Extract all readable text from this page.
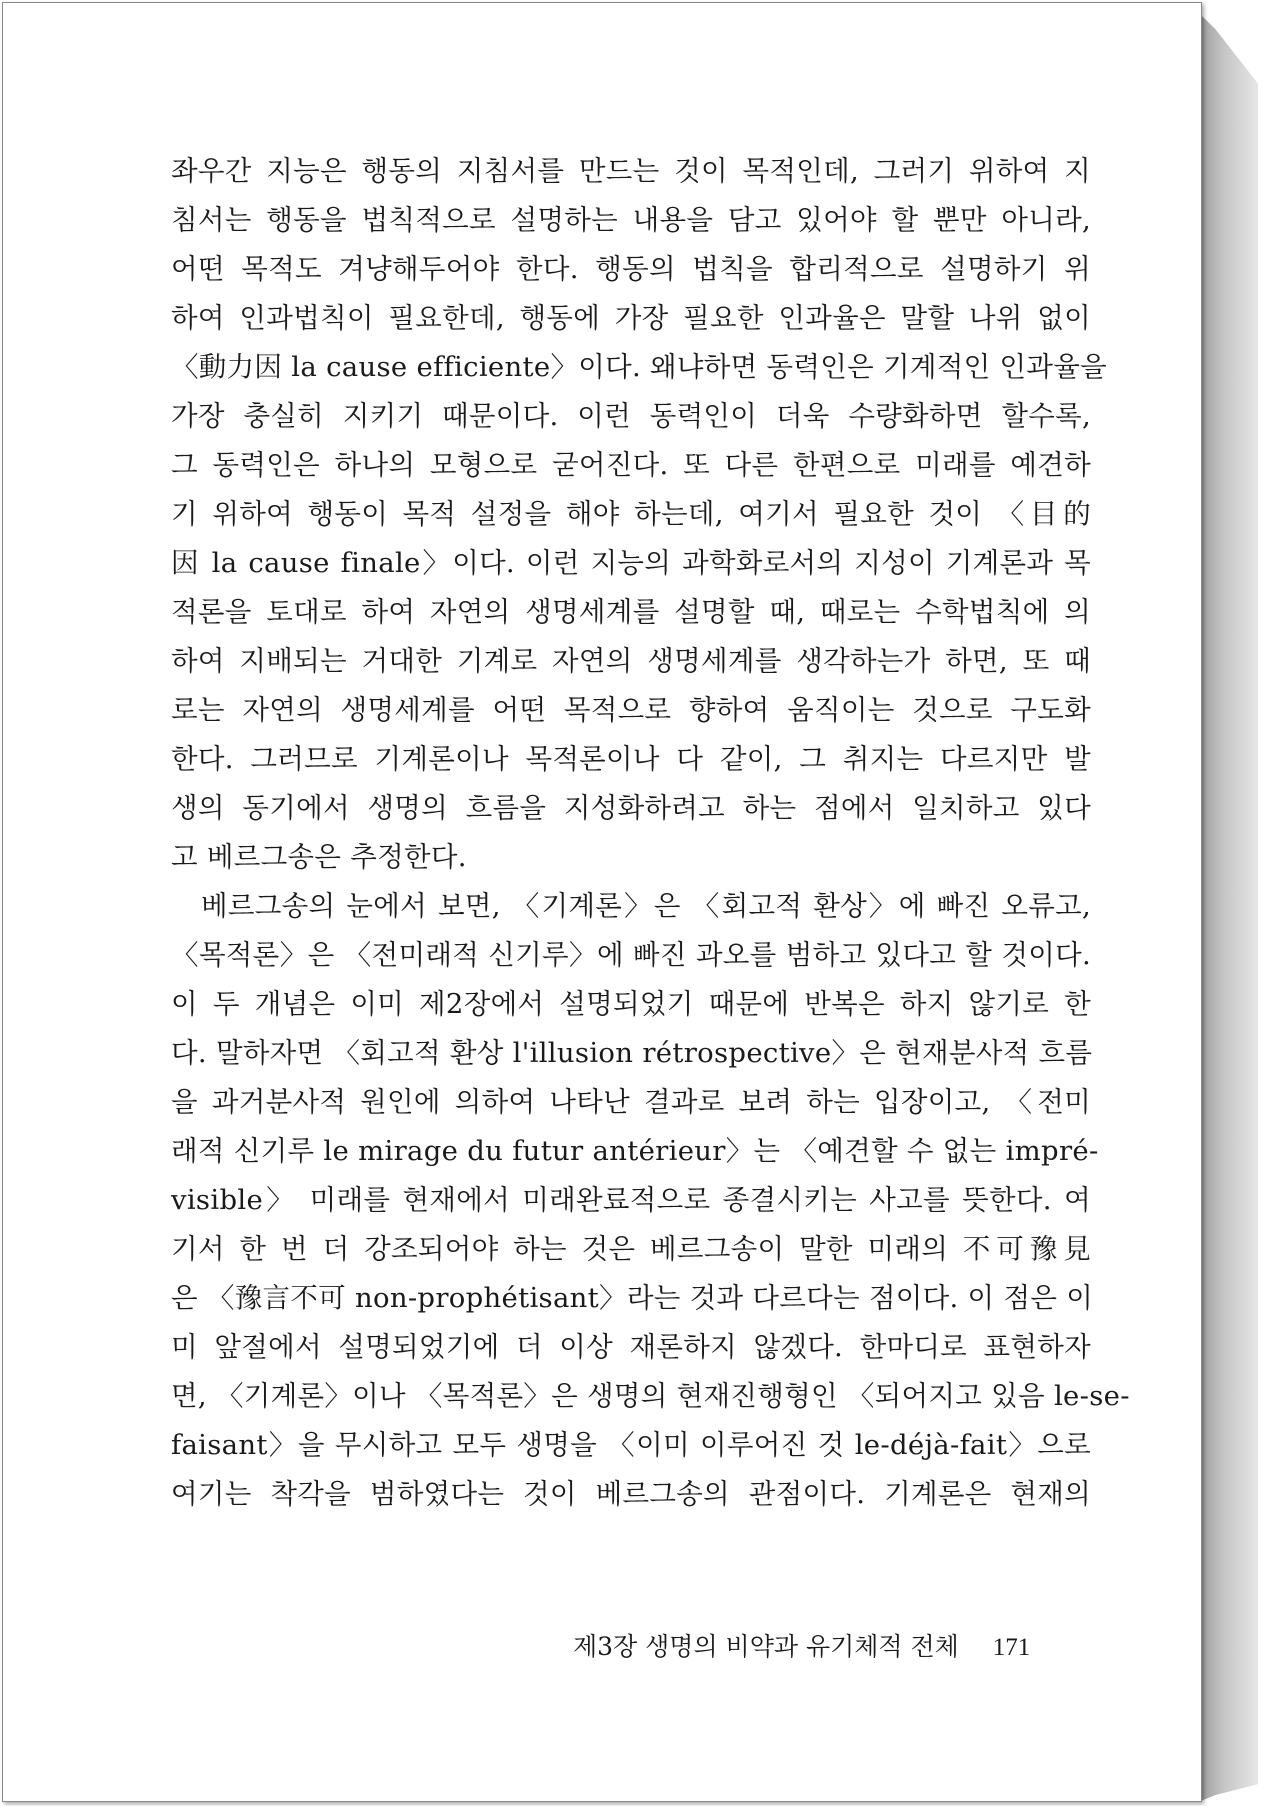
좌우간 지능은 행동의 지침서를 만드는 것이 목적인데, 그러기 위하여 지
침서는 행동을 법칙적으로 설명하는 내용을 담고 있어야 할 뿐만 아니라,
어떤 목적도 겨냥해두어야 한다. 행동의 법칙을 합리적으로 설명하기 위
하여 인과법칙이 필요한데, 행동에 가장 필요한 인과율은 말할 나위 없이
〈動力因 la cause efficiente〉이다. 왜냐하면 동력인은 기계적인 인과율을
가장 충실히 지키기 때문이다. 이런 동력인이 더욱 수량화하면 할수록,
그 동력인은 하나의 모형으로 굳어진다. 또 다른 한편으로 미래를 예견하
기 위하여 행동이 목적 설정을 해야 하는데, 여기서 필요한 것이 〈目的
因 la cause finale〉이다. 이런 지능의 과학화로서의 지성이 기계론과 목
적론을 토대로 하여 자연의 생명세계를 설명할 때, 때로는 수학법칙에 의
하여 지배되는 거대한 기계로 자연의 생명세계를 생각하는가 하면, 또 때
로는 자연의 생명세계를 어떤 목적으로 향하여 움직이는 것으로 구도화
한다. 그러므로 기계론이나 목적론이나 다 같이, 그 취지는 다르지만 발
생의 동기에서 생명의 흐름을 지성화하려고 하는 점에서 일치하고 있다
고 베르그송은 추정한다.

베르그송의 눈에서 보면, 〈기계론〉은 〈회고적 환상〉에 빠진 오류고,
〈목적론〉은 〈전미래적 신기루〉에 빠진 과오를 범하고 있다고 할 것이다.
이 두 개념은 이미 제2장에서 설명되었기 때문에 반복은 하지 않기로 한
다. 말하자면 〈회고적 환상 l'illusion rétrospective〉은 현재분사적 흐름
을 과거분사적 원인에 의하여 나타난 결과로 보려 하는 입장이고, 〈전미
래적 신기루 le mirage du futur antérieur〉는 〈예견할 수 없는 impré-
visible〉 미래를 현재에서 미래완료적으로 종결시키는 사고를 뜻한다. 여
기서 한 번 더 강조되어야 하는 것은 베르그송이 말한 미래의 不可豫見
은 〈豫言不可 non-prophétisant〉라는 것과 다르다는 점이다. 이 점은 이
미 앞절에서 설명되었기에 더 이상 재론하지 않겠다. 한마디로 표현하자
면, 〈기계론〉이나 〈목적론〉은 생명의 현재진행형인 〈되어지고 있음 le-se-
faisant〉을 무시하고 모두 생명을 〈이미 이루어진 것 le-déjà-fait〉으로
여기는 착각을 범하였다는 것이 베르그송의 관점이다. 기계론은 현재의

제3장 생명의 비약과 유기체적 전체 171
